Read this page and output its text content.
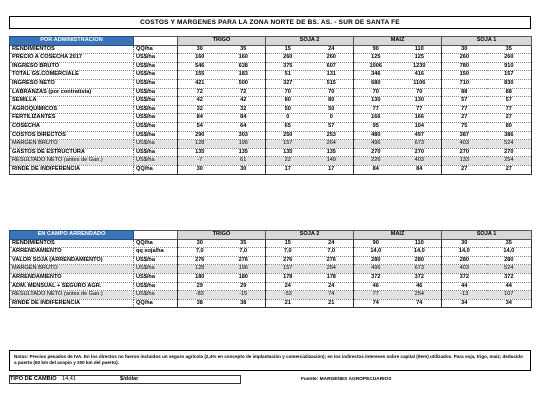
COSTOS Y MARGENES PARA LA ZONA NORTE DE BS. AS. - SUR DE SANTA FE
POR ADMINISTRACIÓN		TRIGO		SOJA 2		MAIZ		SOJA 1	
RENDIMIENTOS	QQ/ha	30	35	15	24	90	110	30	35
PRECIO A COSECHA 2017	US$/ha	160	160	260	260	125	125	260	260
INGRESO BRUTO	US$/ha	546	638	375	607	1006	1230	780	910
TOTAL GS.COMERCIALE	US$/ha	155	183	51	131	346	416	150	157
INGRESO NETO	US$/ha	421	500	327	515	680	1106	710	830
LABRANZAS (por contratista)	US$/ha	72	72	70	70	70	70	88	88
SEMILLA	US$/ha	42	42	80	80	130	130	57	57
AGROQUIMICOS	US$/ha	32	32	50	50	77	77	77	77
FERTILIZANTES	US$/ha	84	84	0	0	166	166	27	27
COSECHA	US$/ha	54	64	65	57	95	104	75	80
COSTOS DIRECTOS	US$/ha	290	303	250	253	480	497	387	386
MARGEN BRUTO	US$/ha	128	196	157	264	496	673	403	524
GASTOS DE ESTRUCTURA	US$/ha	135	135	135	135	270	270	270	270
RESULTADO NETO (antes de Gan.)	US$/ha	-7	61	22	149	226	403	133	254
RINDE DE INDIFERENCIA	QQ/ha	30	30	17	17	84	84	27	27
EN CAMPO ARRENDADO		TRIGO		SOJA 2		MAIZ		SOJA 1	
RENDIMIENTOS	QQ/ha	30	35	15	24	90	110	30	35
ARRENDAMIENTO	qq soja/ha	7,0	7,0	7,0	7,0	14,0	14,0	14,0	14,0
VALOR SOJA (ARRENDAMIENTO)	US$/ha	276	276	276	276	280	280	280	280
MARGEN BRUTO	US$/ha	128	196	157	264	496	673	403	524
ARRENDAMIENTO	US$/ha	180	180	178	178	372	372	372	372
ADM. MENSUAL + SEGURO AGR.	US$/ha	29	29	24	24	46	46	44	44
RESULTADO NETO (antes de Gan.)	US$/ha	-83	-15	-53	74	77	254	-13	107
RINDE DE INDIFERENCIA	QQ/ha	38	38	21	21	74	74	34	34
Notas: Precios pesados de IVA. En los directos no fueron incluidos un seguro agrícola (2,4% en concepto de implantación y comercialización); en los indirectos intereses sobre capital (ítem) utilizados. Para soja, trigo, maíz; deducido a puerto (60 km del acopio y 200 km del puerto).
TIPO DE CAMBIO 14,41	$/dólar	Fuente: MARGENES AGROPECUARIOS
